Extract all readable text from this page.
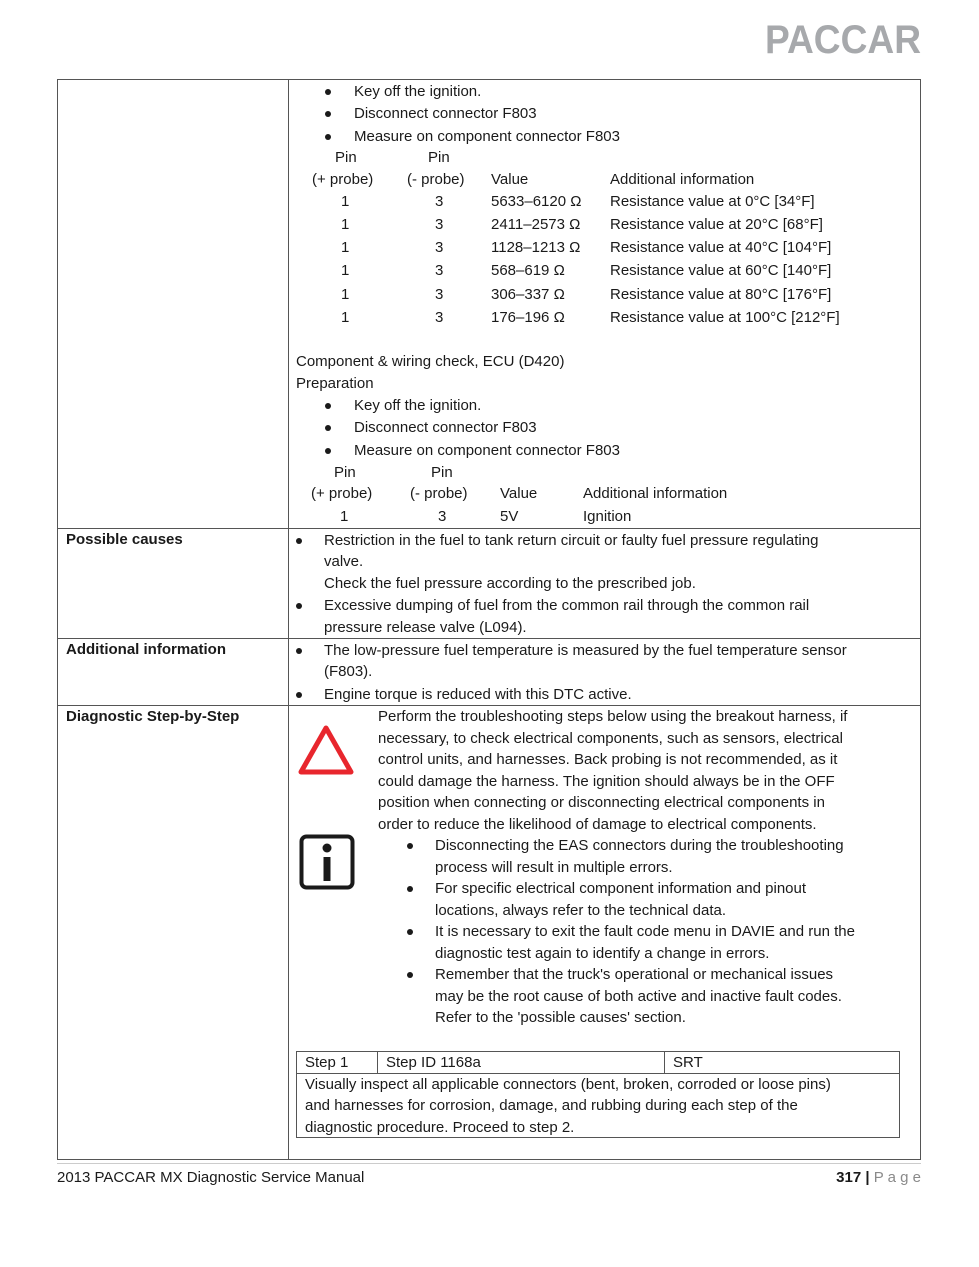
PACCAR
Key off the ignition.
Disconnect connector F803
Measure on component connector F803
Pin	Pin
(+ probe) (- probe) Value	Additional information
1	3	5633–6120 Ω Resistance value at 0°C [34°F]
1	3	2411–2573 Ω Resistance value at 20°C [68°F]
1	3	1128–1213 Ω Resistance value at 40°C [104°F]
1	3	568–619 Ω	Resistance value at 60°C [140°F]
1	3	306–337 Ω	Resistance value at 80°C [176°F]
1	3	176–196 Ω	Resistance value at 100°C [212°F]
Component & wiring check, ECU (D420)
Preparation
Key off the ignition.
Disconnect connector F803
Measure on component connector F803
Pin	Pin
(+ probe)	(- probe) Value	Additional information
1	3	5V	Ignition
Possible causes	Restriction in the fuel to tank return circuit or faulty fuel pressure regulating
valve.
Check the fuel pressure according to the prescribed job.
Excessive dumping of fuel from the common rail through the common rail
pressure release valve (L094).
Additional information	The low-pressure fuel temperature is measured by the fuel temperature sensor
(F803).
Engine torque is reduced with this DTC active.
Diagnostic Step-by-Step	Perform the troubleshooting steps below using the breakout harness, if
necessary, to check electrical components, such as sensors, electrical
control units, and harnesses. Back probing is not recommended, as it
could damage the harness. The ignition should always be in the OFF
position when connecting or disconnecting electrical components in
order to reduce the likelihood of damage to electrical components.
Disconnecting the EAS connectors during the troubleshooting
process will result in multiple errors.
For specific electrical component information and pinout
locations, always refer to the technical data.
It is necessary to exit the fault code menu in DAVIE and run the
diagnostic test again to identify a change in errors.
Remember that the truck's operational or mechanical issues
may be the root cause of both active and inactive fault codes.
Refer to the 'possible causes' section.
Step 1	Step ID 1168a	SRT
Visually inspect all applicable connectors (bent, broken, corroded or loose pins)
and harnesses for corrosion, damage, and rubbing during each step of the
diagnostic procedure. Proceed to step 2.
2013 PACCAR MX Diagnostic Service Manual	317 | P a g e
